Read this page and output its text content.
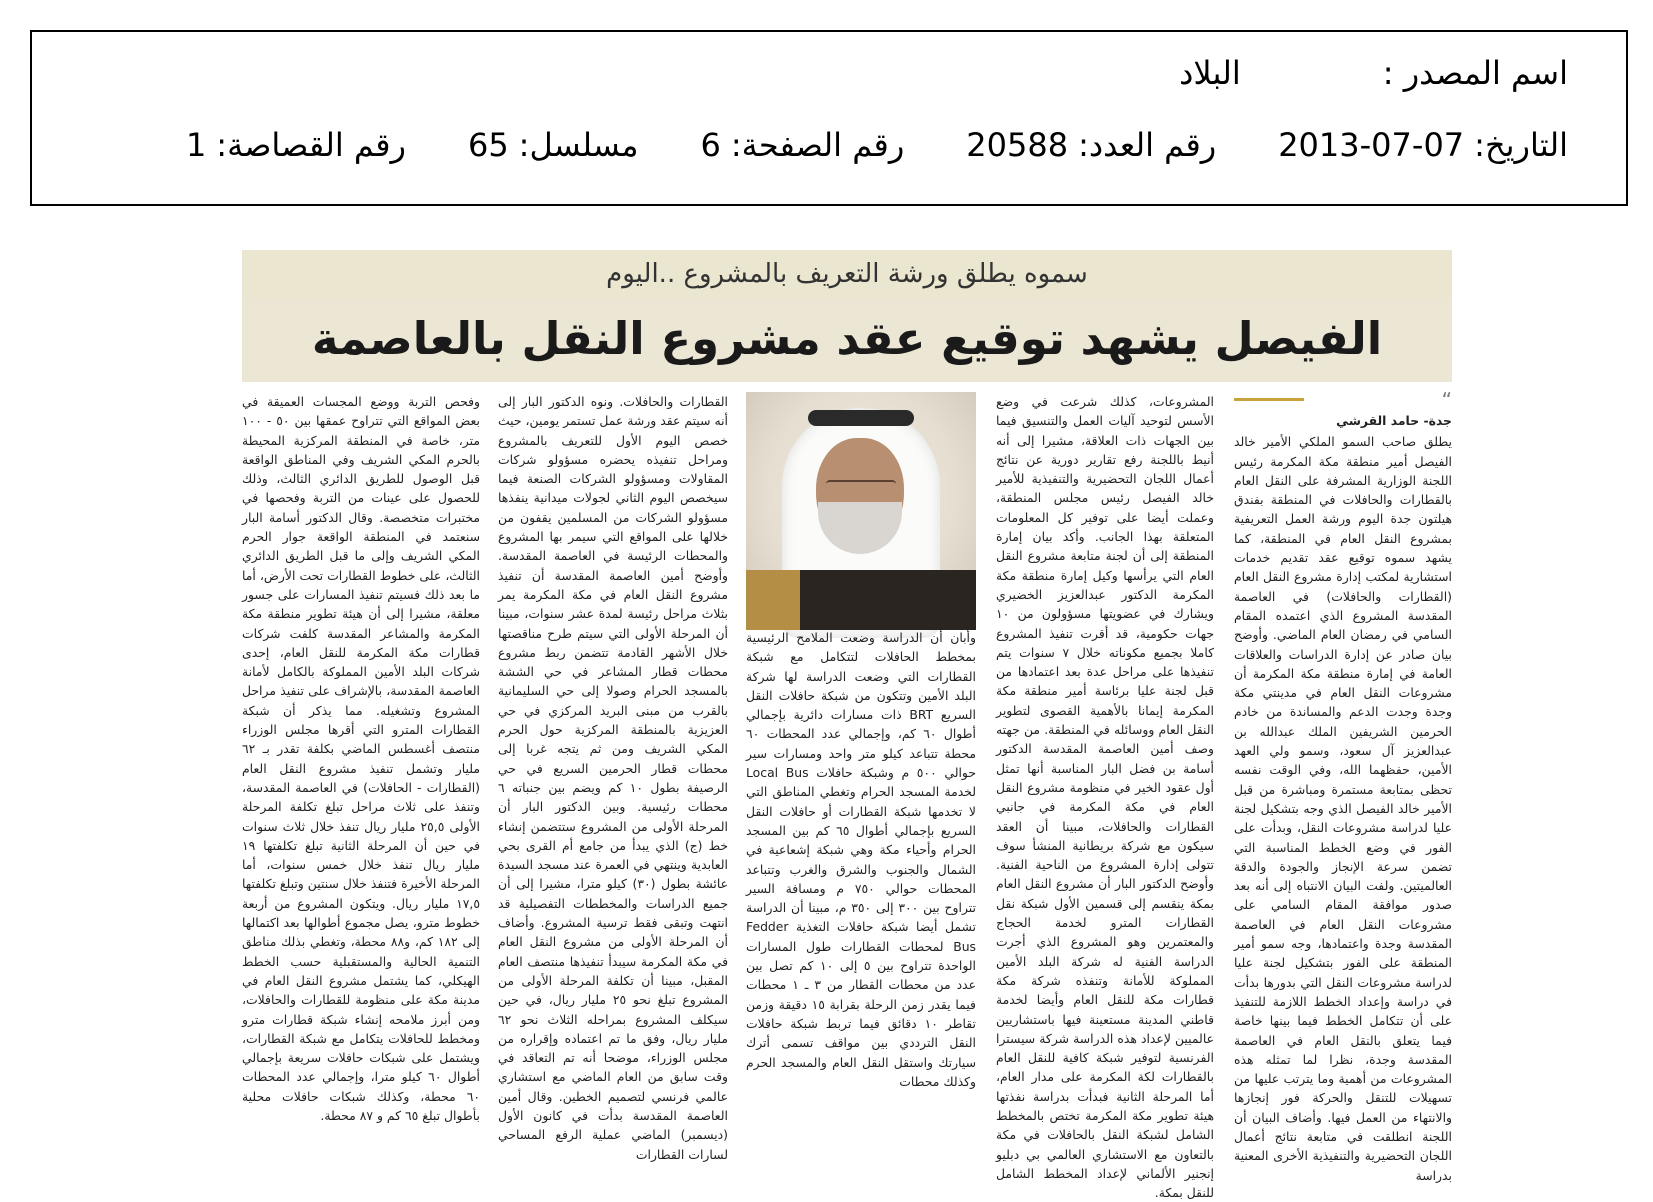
اسم المصدر :
البلاد
التاريخ:
2013-07-07
رقم العدد:
20588
رقم الصفحة:
6
مسلسل:
65
رقم القصاصة:
1
سموه يطلق ورشة التعريف بالمشروع ..اليوم
الفيصل يشهد توقيع عقد مشروع النقل بالعاصمة
“
جدة- حامد القرشي

يطلق صاحب السمو الملكي الأمير خالد الفيصل أمير منطقة مكة المكرمة رئيس اللجنة الوزارية المشرفة على النقل العام بالقطارات والحافلات في المنطقة بفندق هيلتون جدة اليوم ورشة العمل التعريفية بمشروع النقل العام في المنطقة، كما يشهد سموه توقيع عقد تقديم خدمات استشارية لمكتب إدارة مشروع النقل العام (القطارات والحافلات) في العاصمة المقدسة المشروع الذي اعتمده المقام السامي في رمضان العام الماضي. وأوضح بيان صادر عن إدارة الدراسات والعلاقات العامة في إمارة منطقة مكة المكرمة أن مشروعات النقل العام في مدينتي مكة وجدة وجدت الدعم والمساندة من خادم الحرمين الشريفين الملك عبدالله بن عبدالعزيز آل سعود، وسمو ولي العهد الأمين، حفظهما الله، وفي الوقت نفسه تحظى بمتابعة مستمرة ومباشرة من قبل الأمير خالد الفيصل الذي وجه بتشكيل لجنة عليا لدراسة مشروعات النقل، وبدأت على الفور في وضع الخطط المناسبة التي تضمن سرعة الإنجاز والجودة والدقة العالميتين. ولفت البيان الانتباه إلى أنه بعد صدور موافقة المقام السامي على مشروعات النقل العام في العاصمة المقدسة وجدة واعتمادها، وجه سمو أمير المنطقة على الفور بتشكيل لجنة عليا لدراسة مشروعات النقل التي بدورها بدأت في دراسة وإعداد الخطط اللازمة للتنفيذ على أن تتكامل الخطط فيما بينها خاصة فيما يتعلق بالنقل العام في العاصمة المقدسة وجدة، نظرا لما تمثله هذه المشروعات من أهمية وما يترتب عليها من تسهيلات للتنقل والحركة فور إنجازها والانتهاء من العمل فيها. وأضاف البيان أن اللجنة انطلقت في متابعة نتائج أعمال اللجان التحضيرية والتنفيذية الأخرى المعنية بدراسة

المشروعات، كذلك شرعت في وضع الأسس لتوحيد آليات العمل والتنسيق فيما بين الجهات ذات العلاقة، مشيرا إلى أنه أنيط باللجنة رفع تقارير دورية عن نتائج أعمال اللجان التحضيرية والتنفيذية للأمير خالد الفيصل رئيس مجلس المنطقة، وعملت أيضا على توفير كل المعلومات المتعلقة بهذا الجانب. وأكد بيان إمارة المنطقة إلى أن لجنة متابعة مشروع النقل العام التي يرأسها وكيل إمارة منطقة مكة المكرمة الدكتور عبدالعزيز الخضيري ويشارك في عضويتها مسؤولون من ١٠ جهات حكومية، قد أقرت تنفيذ المشروع كاملا بجميع مكوناته خلال ٧ سنوات يتم تنفيذها على مراحل عدة بعد اعتمادها من قبل لجنة عليا برئاسة أمير منطقة مكة المكرمة إيمانا بالأهمية القصوى لتطوير النقل العام ووسائله في المنطقة. من جهته وصف أمين العاصمة المقدسة الدكتور أسامة بن فضل البار المناسبة أنها تمثل أول عقود الخير في منظومة مشروع النقل العام في مكة المكرمة في جانبي القطارات والحافلات، مبينا أن العقد سيكون مع شركة بريطانية المنشأ سوف تتولى إدارة المشروع من الناحية الفنية. وأوضح الدكتور البار أن مشروع النقل العام بمكة ينقسم إلى قسمين الأول شبكة نقل القطارات المترو لخدمة الحجاج والمعتمرين وهو المشروع الذي أجرت الدراسة الفنية له شركة البلد الأمين المملوكة للأمانة وتنفذه شركة مكة قطارات مكة للنقل العام وأيضا لخدمة قاطني المدينة مستعينة فيها باستشاريين عالميين لإعداد هذه الدراسة شركة سيسترا الفرنسية لتوفير شبكة كافية للنقل العام بالقطارات لكة المكرمة على مدار العام، أما المرحلة الثانية فبدأت بدراسة نفذتها هيئة تطوير مكة المكرمة تختص بالمخطط الشامل لشبكة النقل بالحافلات في مكة بالتعاون مع الاستشاري العالمي بي دبليو إنجنير الألماني لإعداد المخطط الشامل للنقل بمكة.

وأبان أن الدراسة وضعت الملامح الرئيسية بمخطط الحافلات لتتكامل مع شبكة القطارات التي وضعت الدراسة لها شركة البلد الأمين وتتكون من شبكة حافلات النقل السريع BRT ذات مسارات دائرية بإجمالي أطوال ٦٠ كم، وإجمالي عدد المحطات ٦٠ محطة تتباعد كيلو متر واحد ومسارات سير حوالي ٥٠٠ م وشبكة حافلات Local Bus لخدمة المسجد الحرام وتغطي المناطق التي لا تخدمها شبكة القطارات أو حافلات النقل السريع بإجمالي أطوال ٦٥ كم بين المسجد الحرام وأحياء مكة وهي شبكة إشعاعية في الشمال والجنوب والشرق والغرب وتتباعد المحطات حوالي ٧٥٠ م ومسافة السير تتراوح بين ٣٠٠ إلى ٣٥٠ م، مبينا أن الدراسة تشمل أيضا شبكة حافلات التغذية Fedder Bus لمحطات القطارات طول المسارات الواحدة تتراوح بين ٥ إلى ١٠ كم تصل بين عدد من محطات القطار من ٣ ـ ١ محطات فيما يقدر زمن الرحلة بقرابة ١٥ دقيقة وزمن تقاطر ١٠ دقائق فيما تربط شبكة حافلات النقل الترددي بين مواقف تسمى أترك سيارتك واستقل النقل العام والمسجد الحرم وكذلك محطات

القطارات والحافلات. ونوه الدكتور البار إلى أنه سيتم عقد ورشة عمل تستمر يومين، حيث خصص اليوم الأول للتعريف بالمشروع ومراحل تنفيذه يحضره مسؤولو شركات المقاولات ومسؤولو الشركات الصنعة فيما سيخصص اليوم الثاني لجولات ميدانية ينفذها مسؤولو الشركات من المسلمين يقفون من خلالها على المواقع التي سيمر بها المشروع والمحطات الرئيسة في العاصمة المقدسة. وأوضح أمين العاصمة المقدسة أن تنفيذ مشروع النقل العام في مكة المكرمة يمر بثلاث مراحل رئيسة لمدة عشر سنوات، مبينا أن المرحلة الأولى التي سيتم طرح مناقصتها خلال الأشهر القادمة تتضمن ربط مشروع محطات قطار المشاعر في حي الششة بالمسجد الحرام وصولا إلى حي السليمانية بالقرب من مبنى البريد المركزي في حي العزيزية بالمنطقة المركزية حول الحرم المكي الشريف ومن ثم يتجه غربا إلى محطات قطار الحرمين السريع في حي الرصيفة بطول ١٠ كم ويضم بين جنباته ٦ محطات رئيسية. وبين الدكتور البار أن المرحلة الأولى من المشروع ستتضمن إنشاء خط (ج) الذي يبدأ من جامع أم القرى بحي العابدية وينتهي في العمرة عند مسجد السيدة عائشة بطول (٣٠) كيلو مترا، مشيرا إلى أن جميع الدراسات والمخططات التفصيلية قد انتهت وتبقى فقط ترسية المشروع. وأضاف أن المرحلة الأولى من مشروع النقل العام في مكة المكرمة سيبدأ تنفيذها منتصف العام المقبل، مبينا أن تكلفة المرحلة الأولى من المشروع تبلغ نحو ٢٥ مليار ريال، في حين سيكلف المشروع بمراحله الثلاث نحو ٦٢ مليار ريال، وفق ما تم اعتماده وإقراره من مجلس الوزراء، موضحا أنه تم التعاقد في وقت سابق من العام الماضي مع استشاري عالمي فرنسي لتصميم الخطين. وقال أمين العاصمة المقدسة بدأت في كانون الأول (ديسمبر) الماضي عملية الرفع المساحي لسارات القطارات

وفحص التربة ووضع المجسات العميقة في بعض المواقع التي تتراوح عمقها بين ٥٠ - ١٠٠ متر، خاصة في المنطقة المركزية المحيطة بالحرم المكي الشريف وفي المناطق الواقعة قبل الوصول للطريق الدائري الثالث، وذلك للحصول على عينات من التربة وفحصها في مختبرات متخصصة. وقال الدكتور أسامة البار سنعتمد في المنطقة الواقعة جوار الحرم المكي الشريف وإلى ما قبل الطريق الدائري الثالث، على خطوط القطارات تحت الأرض، أما ما بعد ذلك فسيتم تنفيذ المسارات على جسور معلقة، مشيرا إلى أن هيئة تطوير منطقة مكة المكرمة والمشاعر المقدسة كلفت شركات قطارات مكة المكرمة للنقل العام، إحدى شركات البلد الأمين المملوكة بالكامل لأمانة العاصمة المقدسة، بالإشراف على تنفيذ مراحل المشروع وتشغيله. مما يذكر أن شبكة القطارات المترو التي أقرها مجلس الوزراء منتصف أغسطس الماضي بكلفة تقدر بـ ٦٢ مليار وتشمل تنفيذ مشروع النقل العام (القطارات - الحافلات) في العاصمة المقدسة، وتنفذ على ثلاث مراحل تبلغ تكلفة المرحلة الأولى ٢٥,٥ مليار ريال تنفذ خلال ثلاث سنوات في حين أن المرحلة الثانية تبلغ تكلفتها ١٩ مليار ريال تنفذ خلال خمس سنوات، أما المرحلة الأخيرة فتنفذ خلال سنتين وتبلغ تكلفتها ١٧,٥ مليار ريال. ويتكون المشروع من أربعة خطوط مترو، يصل مجموع أطوالها بعد اكتمالها إلى ١٨٢ كم، و٨٨ محطة، وتغطي بذلك مناطق التنمية الحالية والمستقبلية حسب الخطط الهيكلي، كما يشتمل مشروع النقل العام في مدينة مكة على منظومة للقطارات والحافلات، ومن أبرز ملامحه إنشاء شبكة قطارات مترو ومخطط للحافلات يتكامل مع شبكة القطارات، ويشتمل على شبكات حافلات سريعة بإجمالي أطوال ٦٠ كيلو مترا، وإجمالي عدد المحطات ٦٠ محطة، وكذلك شبكات حافلات محلية بأطوال تبلغ ٦٥ كم و ٨٧ محطة.
